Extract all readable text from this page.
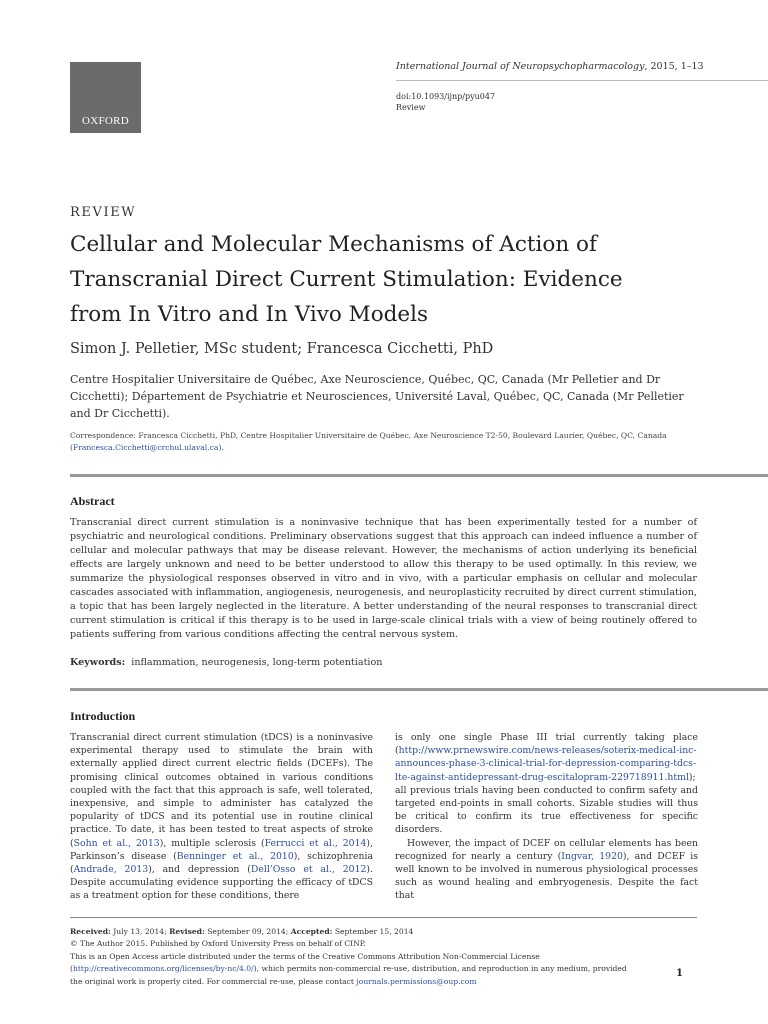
OXFORD
International Journal of Neuropsychopharmacology, 2015, 1–13
doi:10.1093/ijnp/pyu047
Review
REVIEW
Cellular and Molecular Mechanisms of Action of Transcranial Direct Current Stimulation: Evidence from In Vitro and In Vivo Models
Simon J. Pelletier, MSc student; Francesca Cicchetti, PhD
Centre Hospitalier Universitaire de Québec, Axe Neuroscience, Québec, QC, Canada (Mr Pelletier and Dr Cicchetti); Département de Psychiatrie et Neurosciences, Université Laval, Québec, QC, Canada (Mr Pelletier and Dr Cicchetti).
Correspondence: Francesca Cicchetti, PhD, Centre Hospitalier Universitaire de Québec, Axe Neuroscience T2-50, Boulevard Laurier, Québec, QC, Canada (Francesca.Cicchetti@crchul.ulaval.ca).
Abstract
Transcranial direct current stimulation is a noninvasive technique that has been experimentally tested for a number of psychiatric and neurological conditions. Preliminary observations suggest that this approach can indeed influence a number of cellular and molecular pathways that may be disease relevant. However, the mechanisms of action underlying its beneficial effects are largely unknown and need to be better understood to allow this therapy to be used optimally. In this review, we summarize the physiological responses observed in vitro and in vivo, with a particular emphasis on cellular and molecular cascades associated with inflammation, angiogenesis, neurogenesis, and neuroplasticity recruited by direct current stimulation, a topic that has been largely neglected in the literature. A better understanding of the neural responses to transcranial direct current stimulation is critical if this therapy is to be used in large-scale clinical trials with a view of being routinely offered to patients suffering from various conditions affecting the central nervous system.
Keywords: inflammation, neurogenesis, long-term potentiation
Introduction

Transcranial direct current stimulation (tDCS) is a noninvasive experimental therapy used to stimulate the brain with externally applied direct current electric fields (DCEFs). The promising clinical outcomes obtained in various conditions coupled with the fact that this approach is safe, well tolerated, inexpensive, and simple to administer has catalyzed the popularity of tDCS and its potential use in routine clinical practice. To date, it has been tested to treat aspects of stroke (Sohn et al., 2013), multiple sclerosis (Ferrucci et al., 2014), Parkinson’s disease (Benninger et al., 2010), schizophrenia (Andrade, 2013), and depression (Dell’Osso et al., 2012). Despite accumulating evidence supporting the efficacy of tDCS as a treatment option for these conditions, there

is only one single Phase III trial currently taking place (http://www.prnewswire.com/news-releases/soterix-medical-inc-announces-phase-3-clinical-trial-for-depression-comparing-tdcs-lte-against-antidepressant-drug-escitalopram-229718911.html); all previous trials having been conducted to confirm safety and targeted end-points in small cohorts. Sizable studies will thus be critical to confirm its true effectiveness for specific disorders.

However, the impact of DCEF on cellular elements has been recognized for nearly a century (Ingvar, 1920), and DCEF is well known to be involved in numerous physiological processes such as wound healing and embryogenesis. Despite the fact that

Received: July 13, 2014; Revised: September 09, 2014; Accepted: September 15, 2014
© The Author 2015. Published by Oxford University Press on behalf of CINP.
This is an Open Access article distributed under the terms of the Creative Commons Attribution Non-Commercial License (http://creativecommons.org/licenses/by-nc/4.0/), which permits non-commercial re-use, distribution, and reproduction in any medium, provided the original work is properly cited. For commercial re-use, please contact journals.permissions@oup.com
1
